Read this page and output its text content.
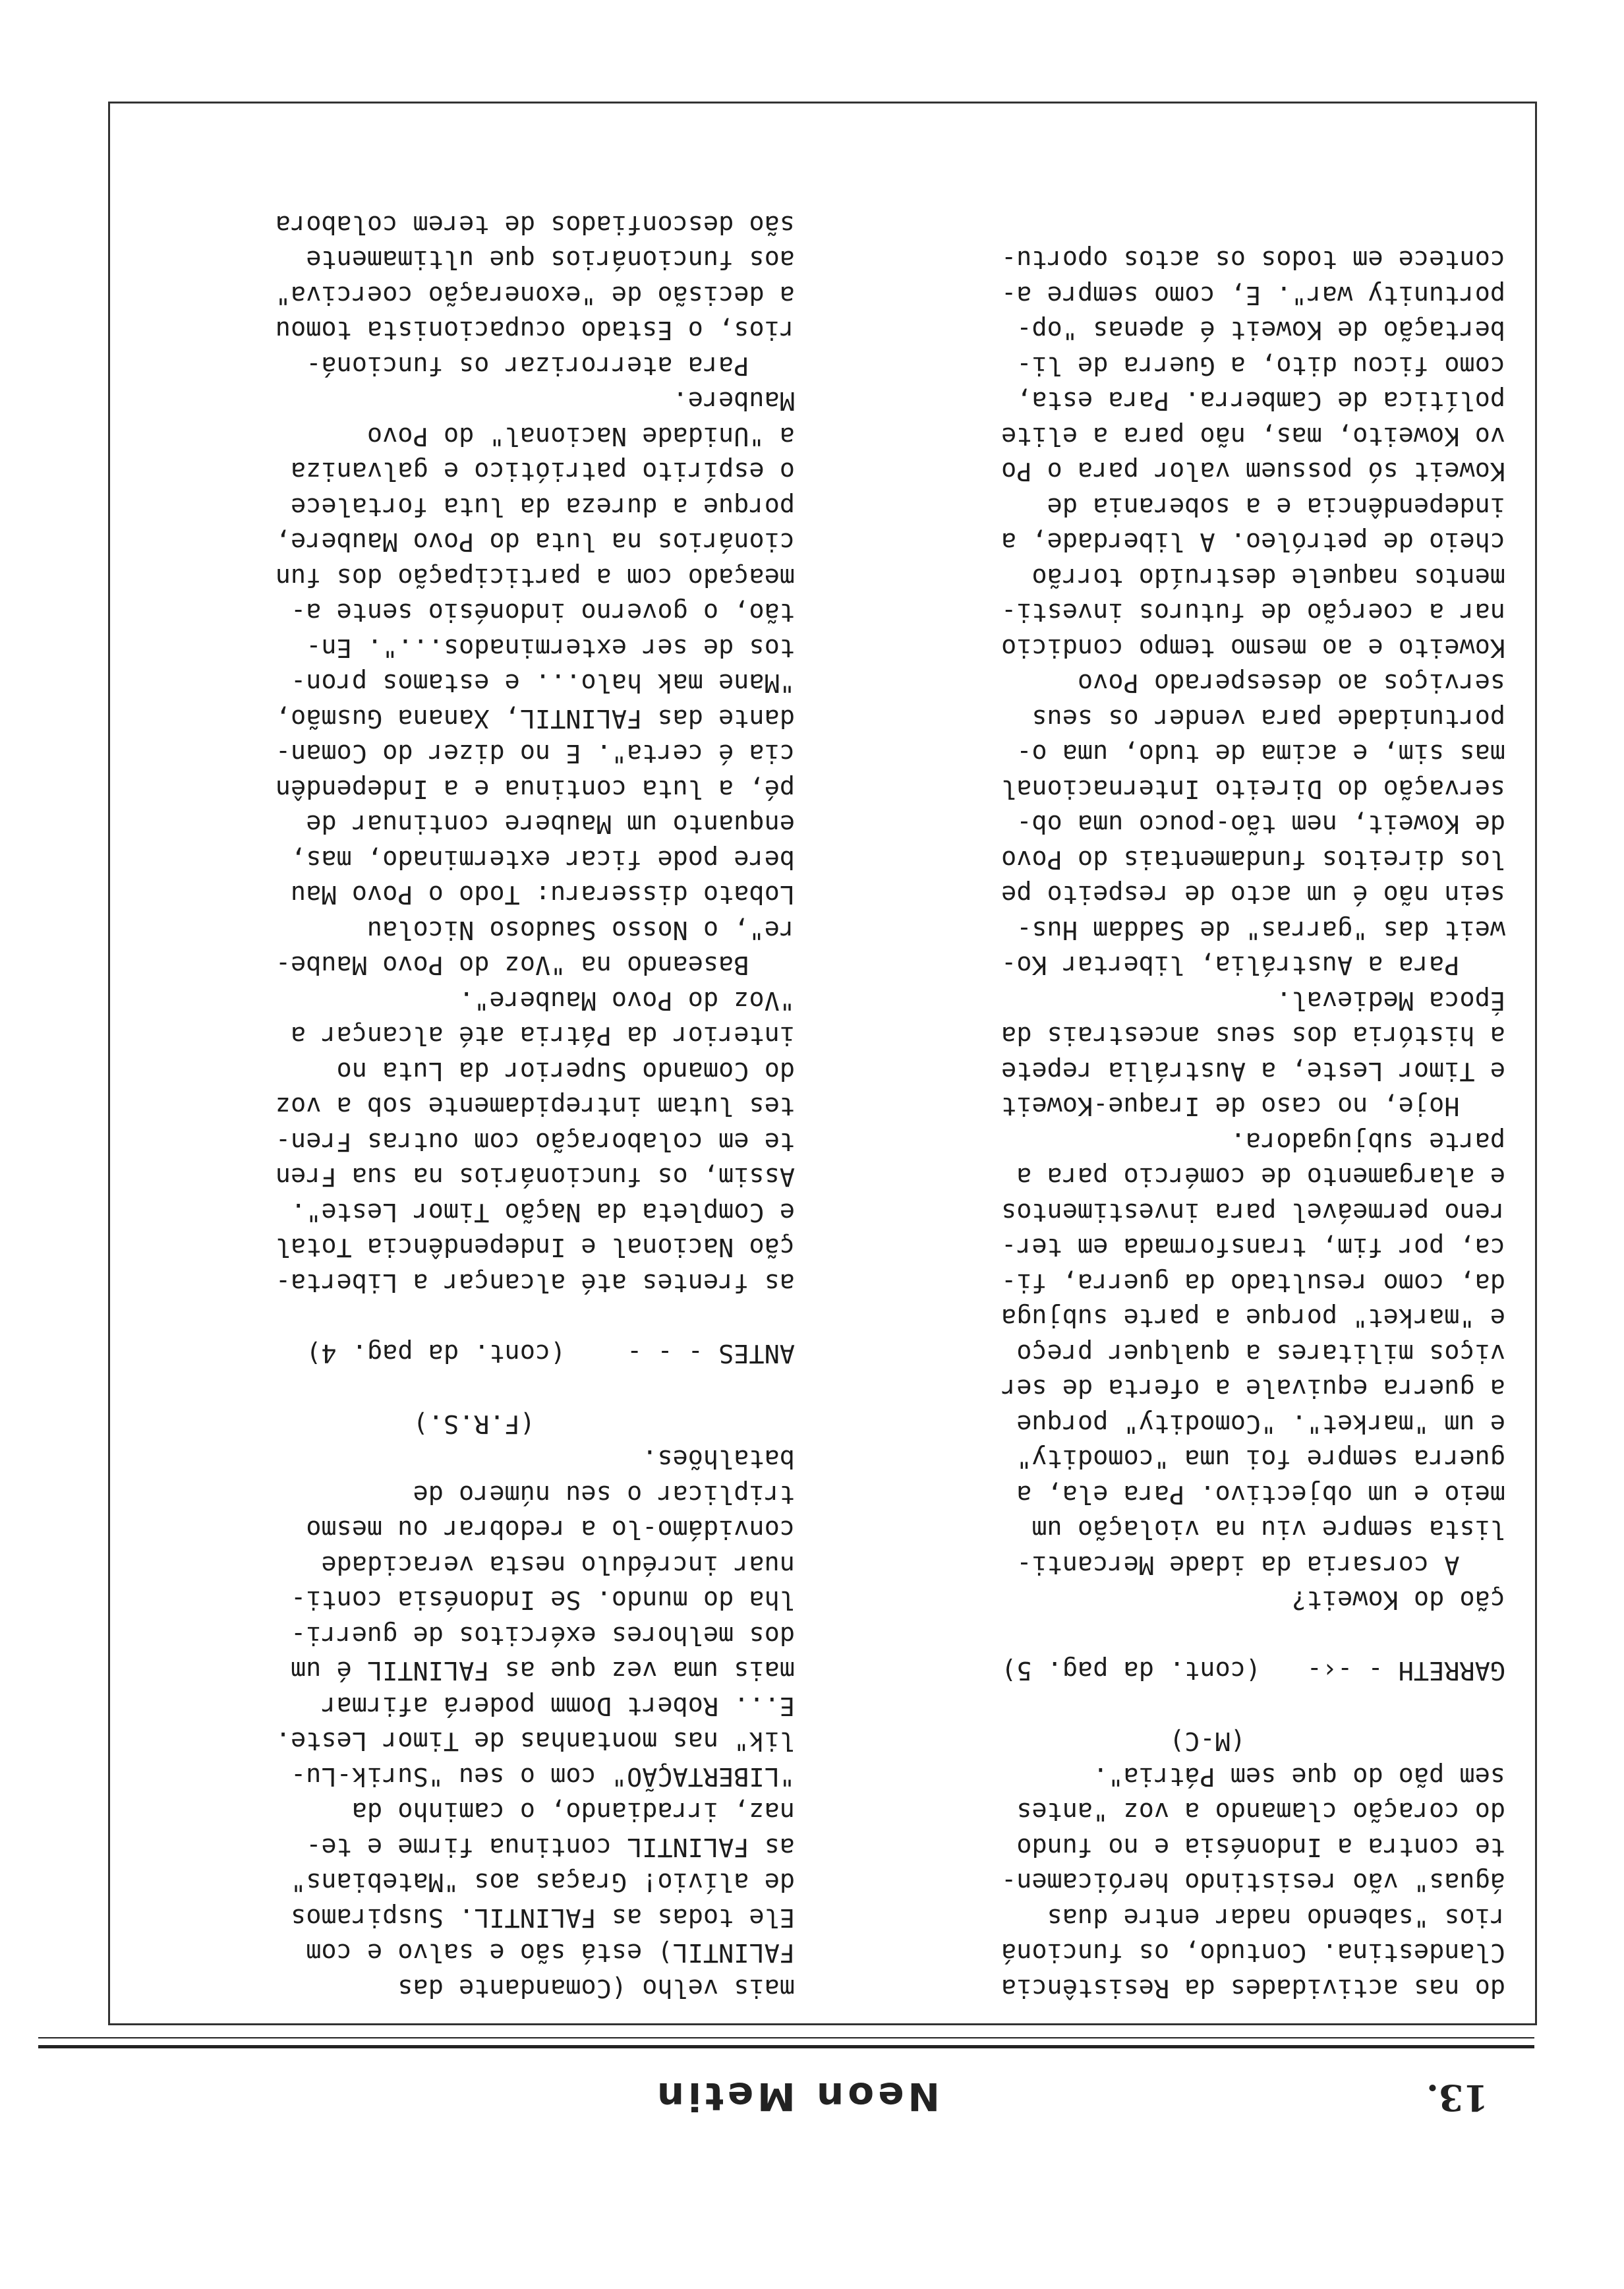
13.
Neon Metin
do nas actividades da Resistência
Clandestina. Contudo, os funcioná
rios "sabendo nadar entre duas
águas" vão resistindo heróicamen-
te contra a Indonésia e no fundo
do coração clamando a voz "antes
sem pão do que sem Pátria".
(M-C)
GARRETH - -‹-   (cont. da pag. 5)
ção do Koweit?
A corsaria da idade Mercanti-
lista sempre viu na violação um
meio e um objectivo. Para ela, a
guerra sempre foi uma "comodity"
e um "market". "Comodity" porque
a guerra equivale a oferta de ser
viços militares a qualquer preço
e "market" porque a parte subjuga
da, como resultado da guerra, fi-
ca, por fim, transformada em ter-
reno permeável para investimentos
e alargamento de comércio para a
parte subjugadora.
Hoje, no caso de Iraque-Koweit
e Timor Leste, a Austrália repete
a história dos seus ancestrais da
Época Medieval.
Para a Austrália, libertar Ko-
weit das "garras" de Saddam Hus-
sein não é um acto de respeito pe
los direitos fundamentais do Povo
de Koweit, nem tão-pouco uma ob-
servação do Direito Internacional
mas sim, e acima de tudo, uma o-
portunidade para vender os seus
serviços ao desesperado Povo
Koweito e ao mesmo tempo condicio
nar a coerção de futuros investi-
mentos naquele destruído torrão
cheio de petróleo. A liberdade, a
independência e a soberania de
Koweit só possuem valor para o Po
vo Koweito, mas, não para a elite
política de Camberra. Para esta,
como ficou dito, a Guerra de li-
bertação de Koweit é apenas "op-
portunity war". E, como sempre a-
contece em todos os actos oportu-
mais velho (Comandante das
FALINTIL) está são e salvo e com
Ele todas as FALINTIL. Suspiramos
de alívio! Graças aos "Matebians"
as FALINTIL continua firme e te-
naz, irradiando, o caminho da
"LIBERTAÇÃO" com o seu "Surik-Lu-
lik" nas montanhas de Timor Leste.
E... Robert Domm poderá afirmar
mais uma vez que as FALINTIL é um
dos melhores exércitos de guerri-
lha do mundo. Se Indonésia conti-
nuar incrédulo nesta veracidade
convidámo-lo a redobrar ou mesmo
triplicar o seu número de
batalhões.
(F.R.S.)
ANTES - - -    (cont. da pag. 4)
as frentes até alcançar a Liberta-
ção Nacional e Independência Total
e Completa da Nação Timor Leste".
Assim, os funcionários na sua Fren
te em colaboração com outras Fren-
tes lutam intrepidamente sob a voz
do Comando Superior da Luta no
interior da Pátria até alcançar a
"Voz do Povo Maubere".
Baseando na "Voz do Povo Maube-
re", o Nosso Saudoso Nicolau
Lobato disseraru: Todo o Povo Mau
bere pode ficar exterminado, mas,
enquanto um Maubere continuar de
pé, a luta continua e a Independên
cia é certa". E no dizer do Coman-
dante das FALINTIL, Xanana Gusmão,
"Mane mak halo... e estamos pron-
tos de ser exterminados...". En-
tão, o governo indonésio sente a-
meaçado com a participação dos fun
cionários na luta do Povo Maubere,
porque a dureza da luta fortalece
o espírito patriótico e galvaniza
a "Unidade Nacional" do Povo
Maubere.
Para aterrorizar os funcioná-
rios, o Estado ocupacionista tomou
a decisão de "exoneração coerciva"
aos funcionários que ultimamente
são desconfiados de terem colabora
